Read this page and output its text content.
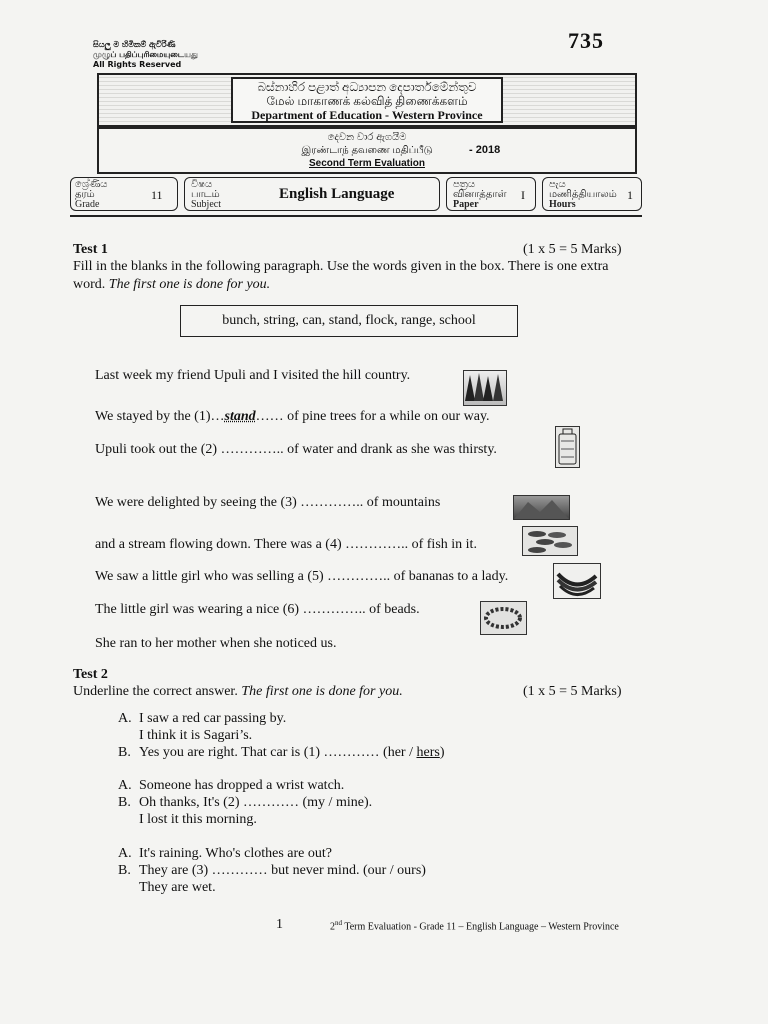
735
සියලු ම හිමිකම් ඇවිරිණි
முழுப் பதிப்புரிமையுடையது
All Rights Reserved
බස්නාහිර පළාත් අධ්‍යාපන දෙපාර්තමේන්තුව
மேல் மாகாணக் கல்வித் திணைக்களம்
Department of Education - Western Province
දෙවන වාර ඇගයීම
இரண்டாந் தவணை மதிப்பீடு
Second Term Evaluation
- 2018
ශ්‍රේණිය
தரம்
Grade
11
විෂය
பாடம்
Subject
English Language
පත්‍රය
வினாத்தாள்
Paper
I
පැය
மணித்தியாலம்
Hours
1
Test 1	(1 x 5 = 5 Marks)
Fill in the blanks in the following paragraph. Use the words given in the box. There is one extra
word. The first one is done for you.
bunch, string, can, stand, flock, range, school
Last week my friend Upuli and I visited the hill country.
We stayed by the (1)…stand…… of pine trees for a while on our way.
Upuli took out the (2) ………….. of water and drank as she was thirsty.
We were delighted by seeing the (3) ………….. of mountains
and a stream flowing down. There was a (4) ………….. of fish in it.
We saw a little girl who was selling a (5) ………….. of bananas to a lady.
The little girl was wearing a nice (6) ………….. of beads.
She ran to her mother when she noticed us.
Test 2
Underline the correct answer. The first one is done for you.	(1 x 5 = 5 Marks)
A. I saw a red car passing by.
I think it is Sagari’s.
B. Yes you are right. That car is (1) ………… (her / hers)
A. Someone has dropped a wrist watch.
B. Oh thanks, It's (2) ………… (my / mine).
I lost it this morning.
A. It's raining. Who's clothes are out?
B. They are (3) ………… but never mind. (our / ours)
They are wet.
1	2nd Term Evaluation - Grade 11 – English Language – Western Province
